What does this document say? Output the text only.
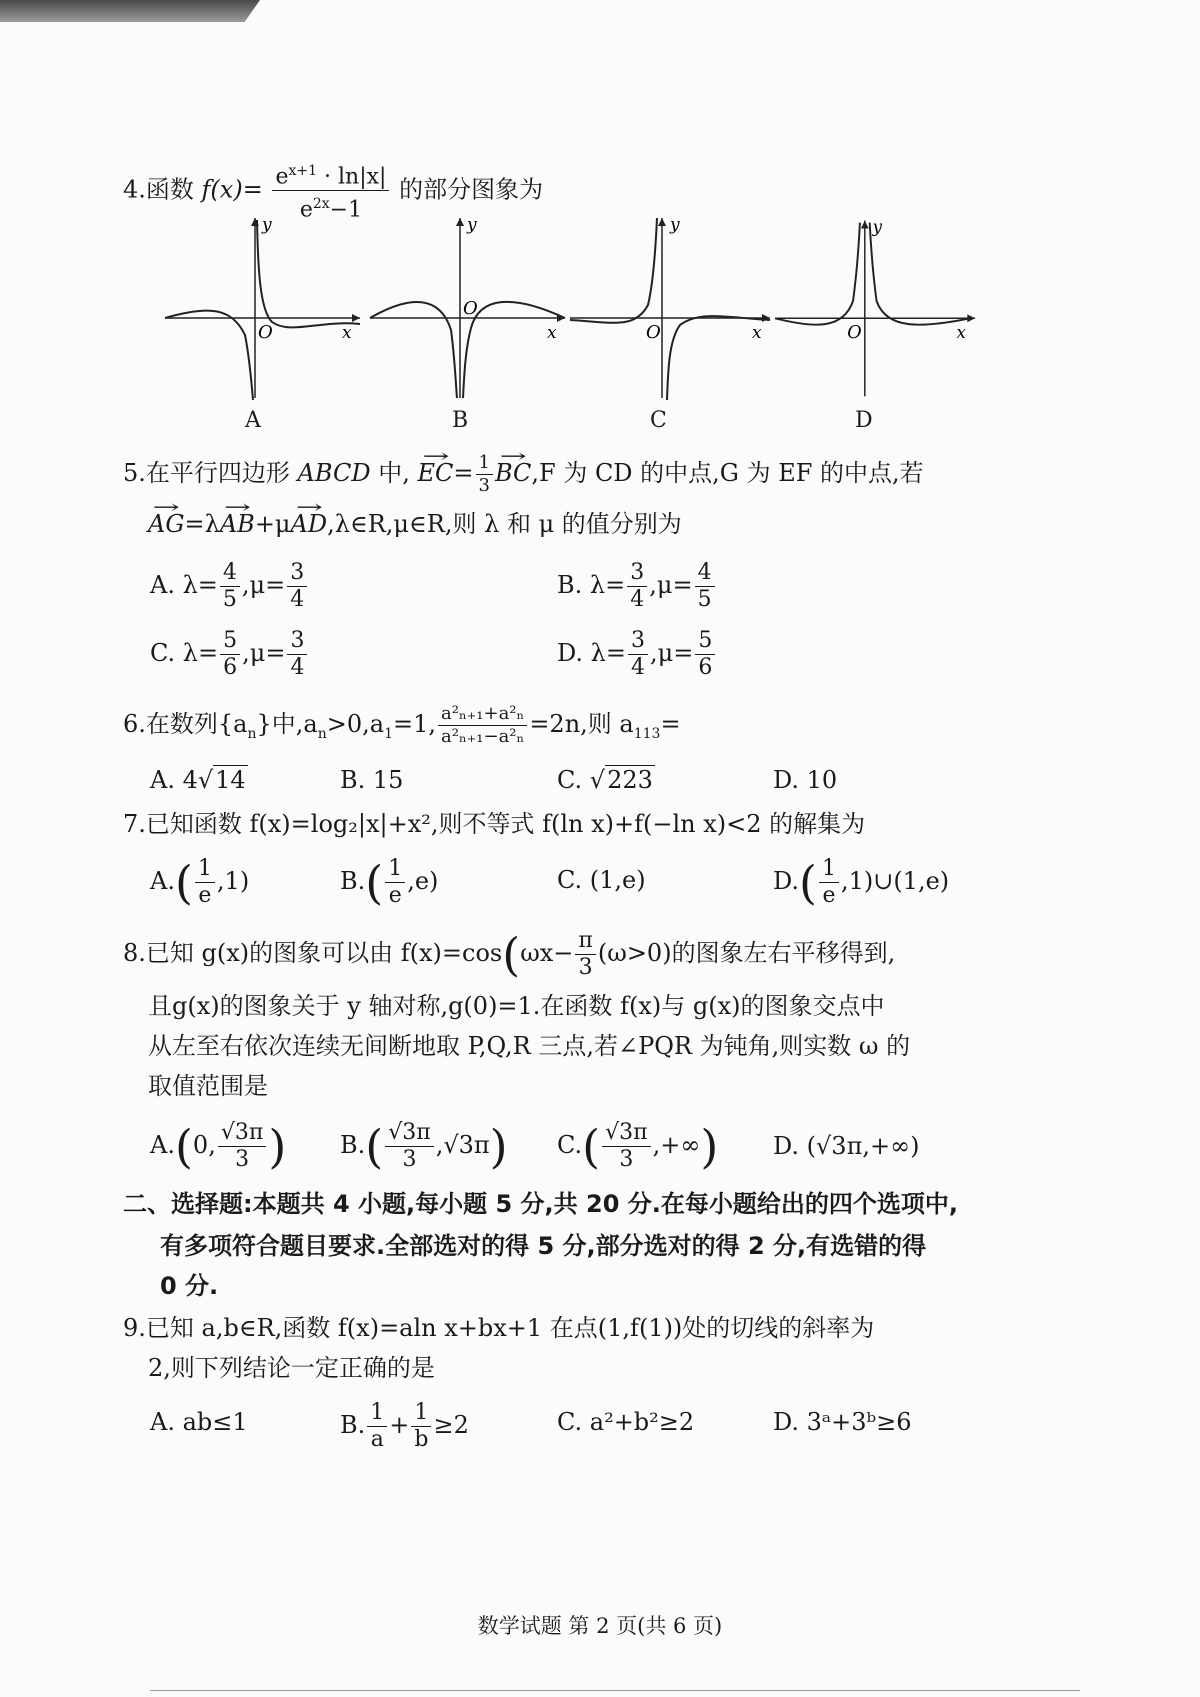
4.函数 $f(x)= \frac{e^{x+1} \cdot \ln|x|}{e^{2x}-1}$ 的部分图象为
O	x
y
A
O
x
y
B
O	x
y
C
O	x
y
D
5.在平行四边形 ABCD 中, → $EC= \frac{1}{3}$
→ BC,F 为 CD 的中点,G 为 EF 的中点,若
→ AG=λ→ AB+μ→ AD,λ∈R,μ∈R,则 λ 和 μ 的值分别为
A. $\lambda= \frac{4}{5} ,\mu= \frac{3}{4}$	B. $\lambda= \frac{3}{4} ,\mu= \frac{4}{5}$
C. $\lambda= \frac{5}{6} ,\mu= \frac{3}{4}$	D. $\lambda= \frac{3}{4} ,\mu= \frac{5}{6}$
6.在数列$\{a_n\}$中$,a_n>0,a_1=1$, $\frac{\text{a²ₙ₊₁+a²ₙ}}{\text{a²ₙ₊₁−a²ₙ}} =2n$,则 $a_{113}=$
A. 4√14	B. 15	C. √223	D. 10
7.已知函数 f(x)=log₂|x|+x²,则不等式 f(ln x)+f(−ln x)<2 的解集为
$A.( \frac{1}{e} ,1)$	$B.( \frac{1}{e} ,e)$	C. (1,e)	$D.( \frac{1}{e}$ ,1)∪(1,e)
8.已知 g(x)的图象可以由 $f(x)=\cos(\omega x- \frac{\pi}{3} (\omega>0)$的图象左右平移得到,
且g(x)的图象关于 y 轴对称,g(0)=1.在函数 f(x)与 g(x)的图象交点中
从左至右依次连续无间断地取 P,Q,R 三点,若∠PQR 为钝角,则实数 ω 的
取值范围是
A.(0, $\frac{√3\pi}{3}$ ) $B.( \frac{√3\pi}{3} ,√3\pi)$ $C.( \frac{√3\pi}{3}$ ,+∞) D. (√3π,+∞)
二、选择题:本题共 4 小题,每小题 5 分,共 20 分.在每小题给出的四个选项中,
有多项符合题目要求.全部选对的得 5 分,部分选对的得 2 分,有选错的得
0 分.
9.已知 a,b∈R,函数 f(x)=aln x+bx+1 在点(1,f(1))处的切线的斜率为
2,则下列结论一定正确的是
A. ab≤1	B. $\frac{1}{a} + \frac{1}{b} \ge 2$	C. a²+b²≥2	D. 3ᵃ+3ᵇ≥6
数学试题 第 2 页(共 6 页)
